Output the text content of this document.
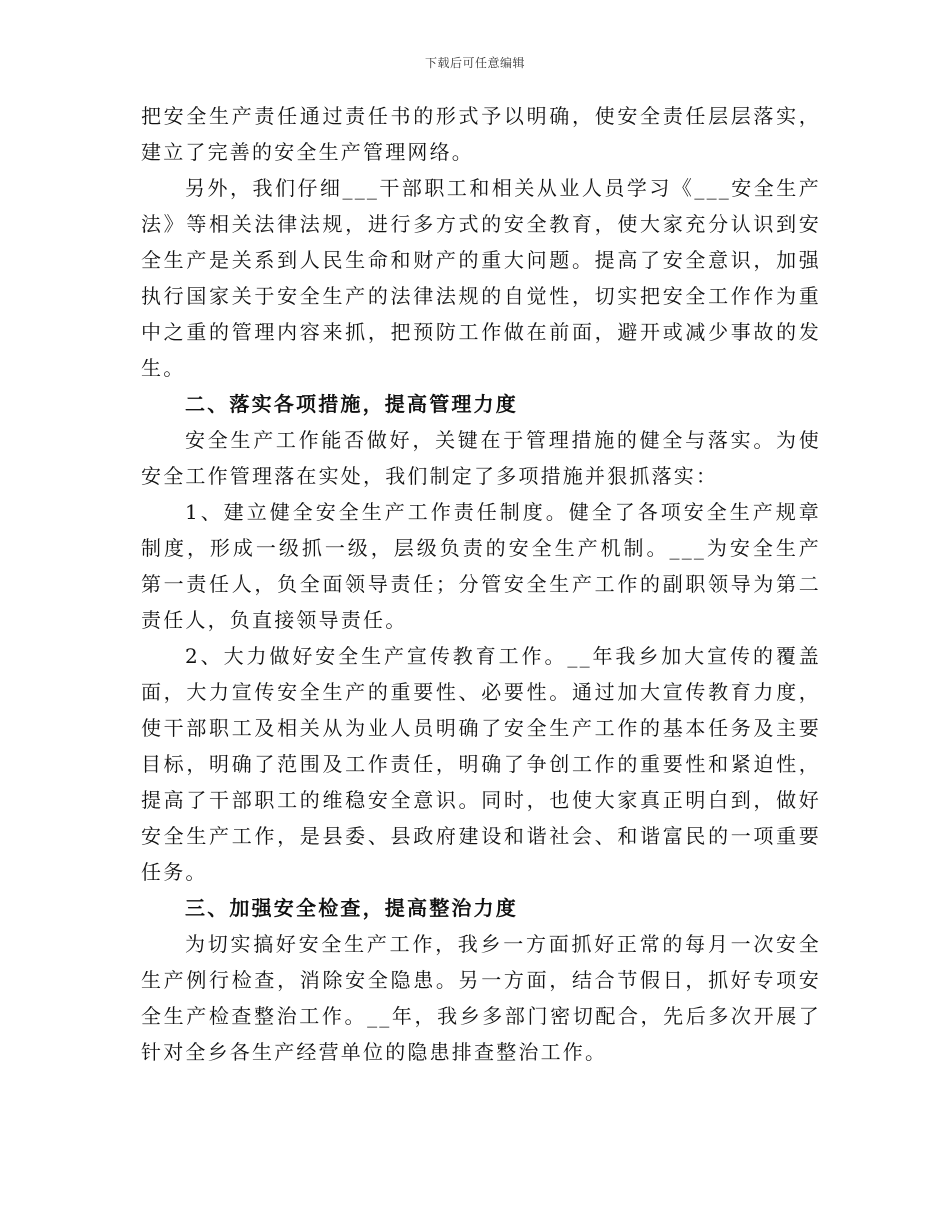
下载后可任意编辑

把安全生产责任通过责任书的形式予以明确，使安全责任层层落实，建立了完善的安全生产管理网络。

另外，我们仔细___干部职工和相关从业人员学习《___安全生产法》等相关法律法规，进行多方式的安全教育，使大家充分认识到安全生产是关系到人民生命和财产的重大问题。提高了安全意识，加强执行国家关于安全生产的法律法规的自觉性，切实把安全工作作为重中之重的管理内容来抓，把预防工作做在前面，避开或减少事故的发生。

二、落实各项措施，提高管理力度

安全生产工作能否做好，关键在于管理措施的健全与落实。为使安全工作管理落在实处，我们制定了多项措施并狠抓落实：

1、建立健全安全生产工作责任制度。健全了各项安全生产规章制度，形成一级抓一级，层级负责的安全生产机制。___为安全生产第一责任人，负全面领导责任；分管安全生产工作的副职领导为第二责任人，负直接领导责任。

2、大力做好安全生产宣传教育工作。__年我乡加大宣传的覆盖面，大力宣传安全生产的重要性、必要性。通过加大宣传教育力度，使干部职工及相关从为业人员明确了安全生产工作的基本任务及主要目标，明确了范围及工作责任，明确了争创工作的重要性和紧迫性，提高了干部职工的维稳安全意识。同时，也使大家真正明白到，做好安全生产工作，是县委、县政府建设和谐社会、和谐富民的一项重要任务。

三、加强安全检查，提高整治力度

为切实搞好安全生产工作，我乡一方面抓好正常的每月一次安全生产例行检查，消除安全隐患。另一方面，结合节假日，抓好专项安全生产检查整治工作。__年，我乡多部门密切配合，先后多次开展了针对全乡各生产经营单位的隐患排查整治工作。
